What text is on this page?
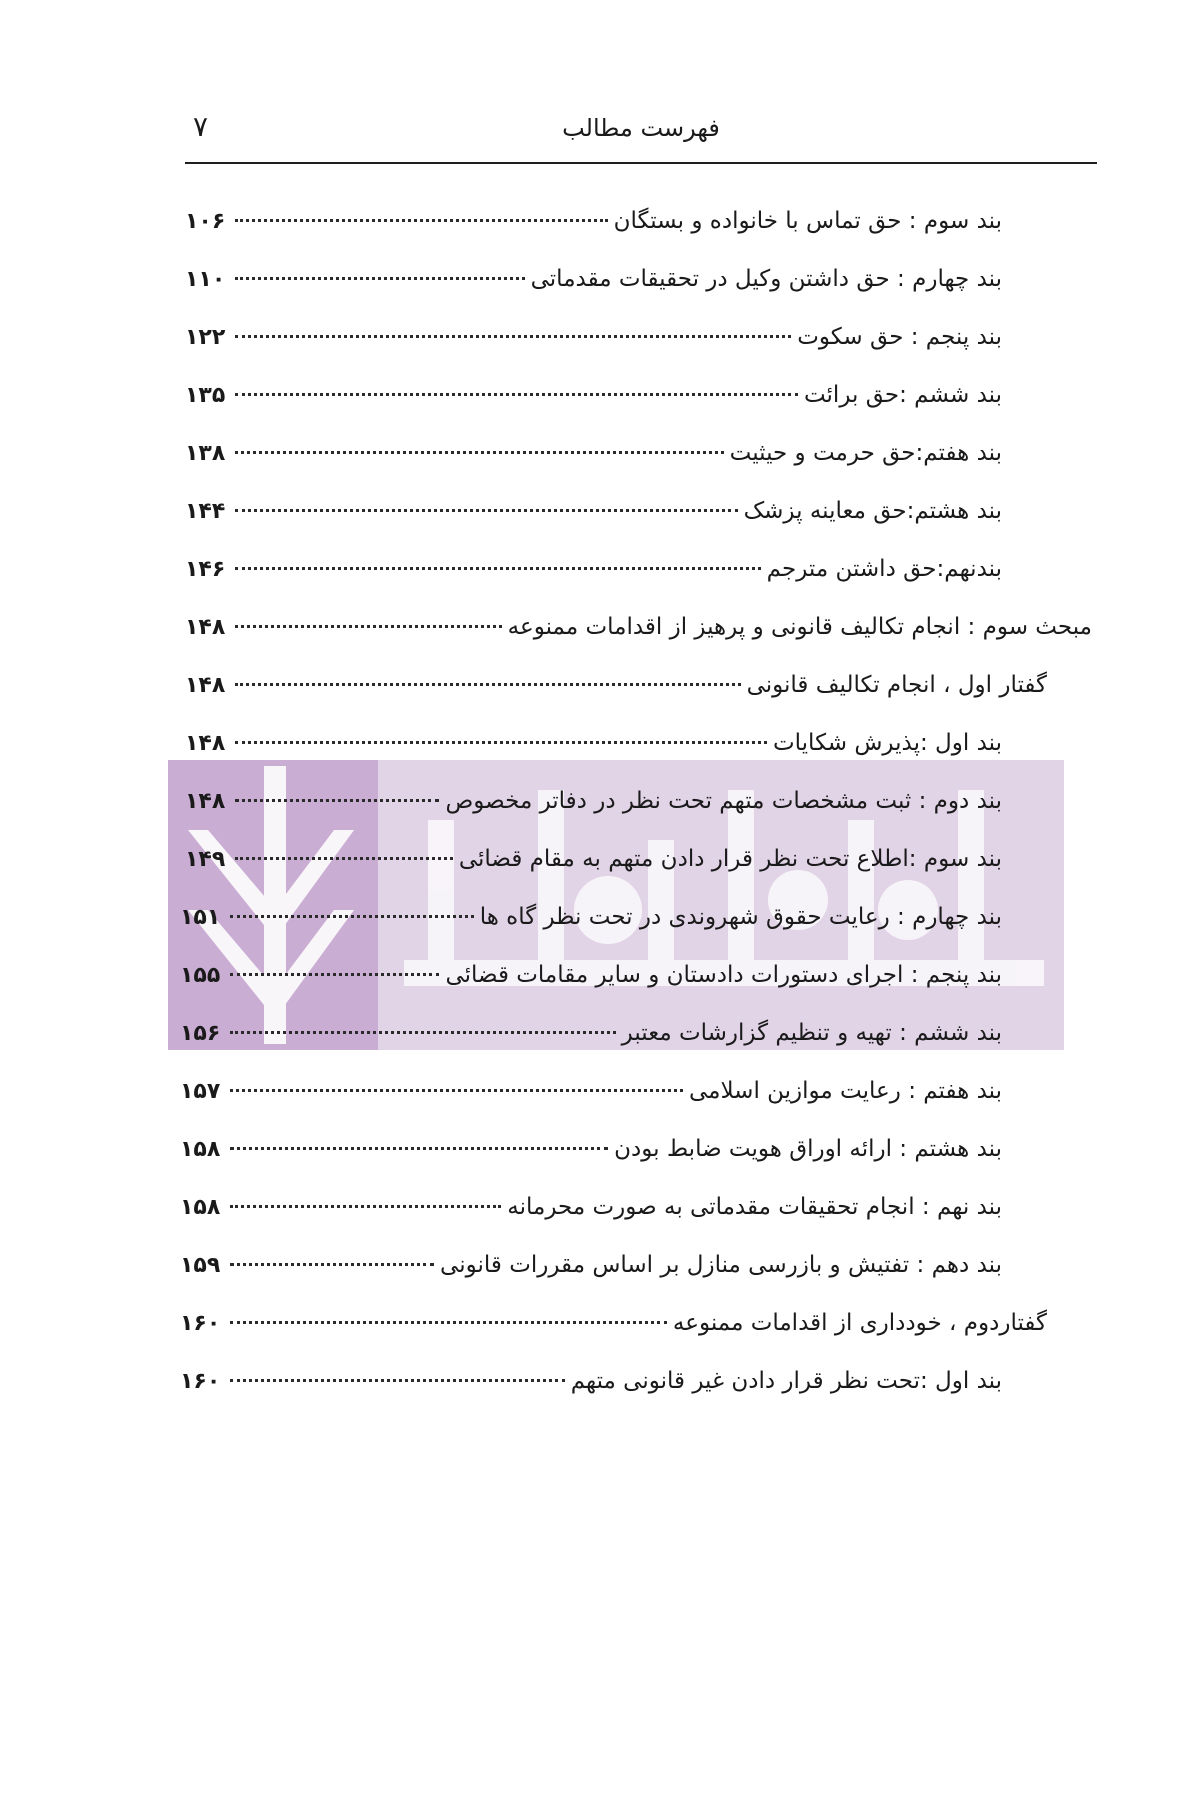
۷	فهرست مطالب
بند سوم : حق تماس با خانواده و بستگان
۱۰۶
بند چهارم : حق داشتن وکیل در تحقیقات مقدماتی
۱۱۰
بند پنجم : حق سکوت
۱۲۲
بند ششم :حق برائت
۱۳۵
بند هفتم:حق حرمت و حیثیت
۱۳۸
بند هشتم:حق معاینه پزشک
۱۴۴
بندنهم:حق داشتن مترجم
۱۴۶
مبحث سوم : انجام تکالیف قانونی و پرهیز از اقدامات ممنوعه
۱۴۸
گفتار اول ، انجام تکالیف قانونی
۱۴۸
بند اول :پذیرش شکایات
۱۴۸
بند دوم : ثبت مشخصات متهم تحت نظر در دفاتر مخصوص
۱۴۸
بند سوم :اطلاع تحت نظر قرار دادن متهم به مقام قضائی
۱۴۹
بند چهارم : رعایت حقوق شهروندی در تحت نظر گاه ها
۱۵۱
بند پنجم : اجرای دستورات دادستان و سایر مقامات قضائی
۱۵۵
بند ششم : تهیه و تنظیم گزارشات معتبر
۱۵۶
بند هفتم : رعایت موازین اسلامی
۱۵۷
بند هشتم : ارائه اوراق هویت ضابط بودن
۱۵۸
بند نهم : انجام تحقیقات مقدماتی به صورت محرمانه
۱۵۸
بند دهم : تفتیش و بازرسی منازل بر اساس مقررات قانونی
۱۵۹
گفتاردوم ، خودداری از اقدامات ممنوعه
۱۶۰
بند اول :تحت نظر قرار دادن غیر قانونی متهم
۱۶۰
